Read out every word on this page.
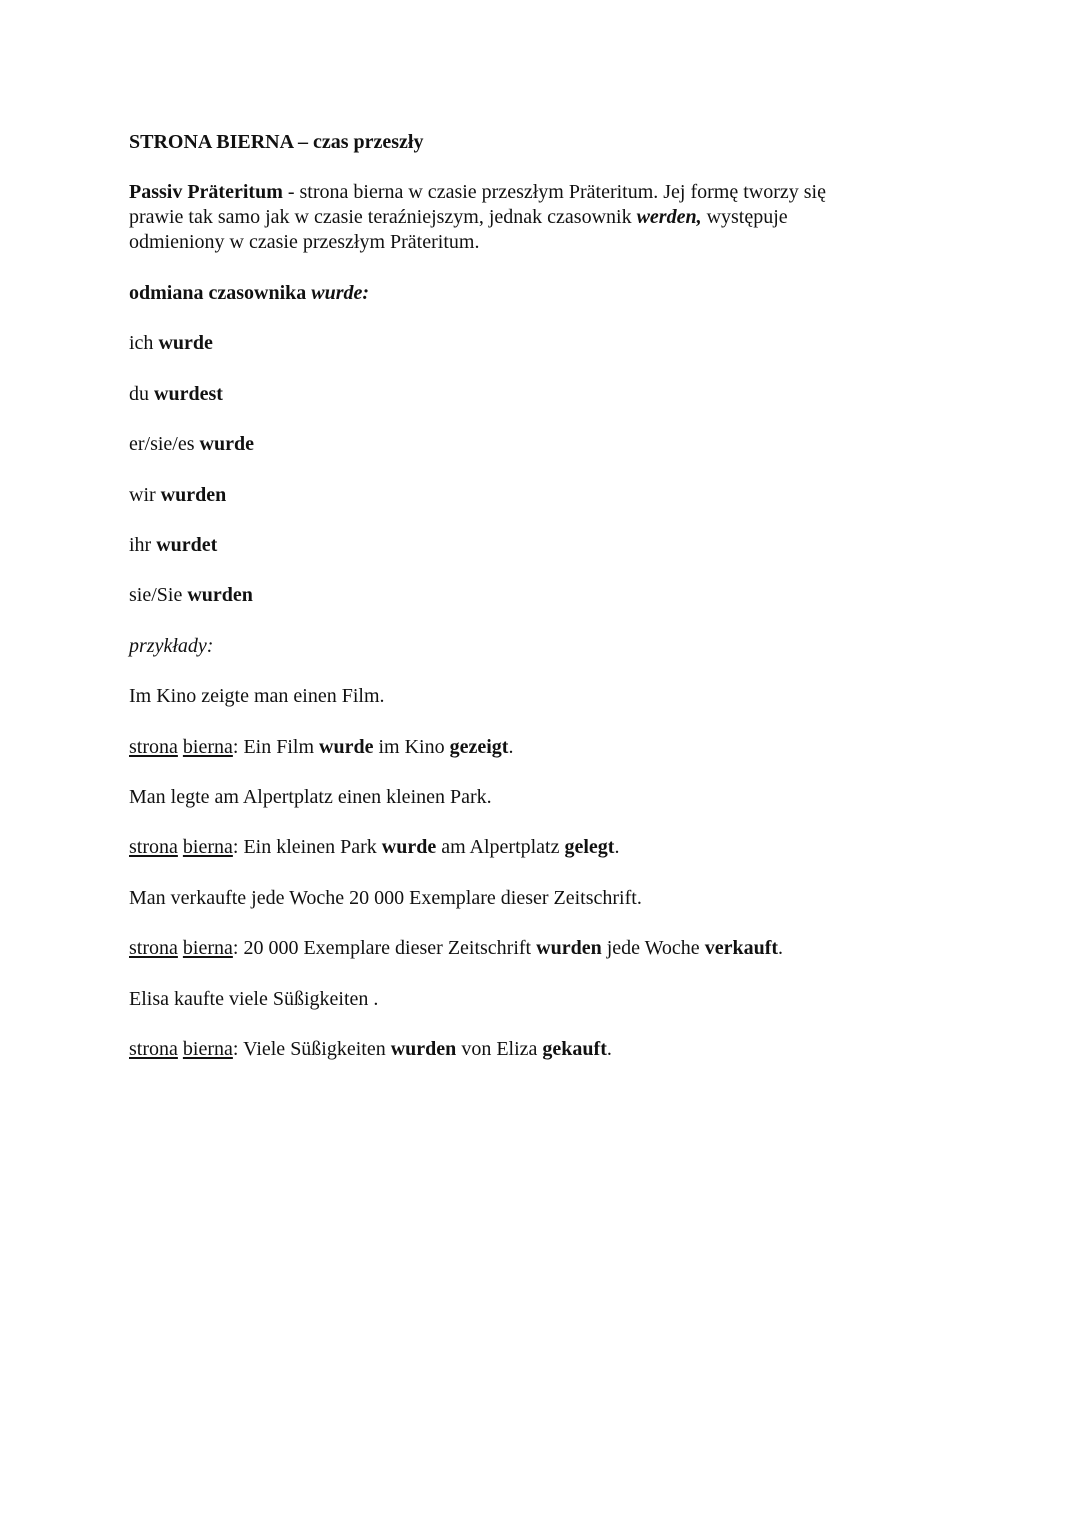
STRONA BIERNA – czas przeszły
Passiv Präteritum - strona bierna w czasie przeszłym Präteritum. Jej formę tworzy się
prawie tak samo jak w czasie teraźniejszym, jednak czasownik werden, występuje
odmieniony w czasie przeszłym Präteritum.
odmiana czasownika wurde:
ich wurde
du wurdest
er/sie/es wurde
wir wurden
ihr wurdet
sie/Sie wurden
przykłady:
Im Kino zeigte man einen Film.
strona bierna: Ein Film wurde im Kino gezeigt.
Man legte am Alpertplatz einen kleinen Park.
strona bierna: Ein kleinen Park wurde am Alpertplatz gelegt.
Man verkaufte jede Woche 20 000 Exemplare dieser Zeitschrift.
strona bierna: 20 000 Exemplare dieser Zeitschrift wurden jede Woche verkauft.
Elisa kaufte viele Süßigkeiten .
strona bierna: Viele Süßigkeiten wurden von Eliza gekauft.
